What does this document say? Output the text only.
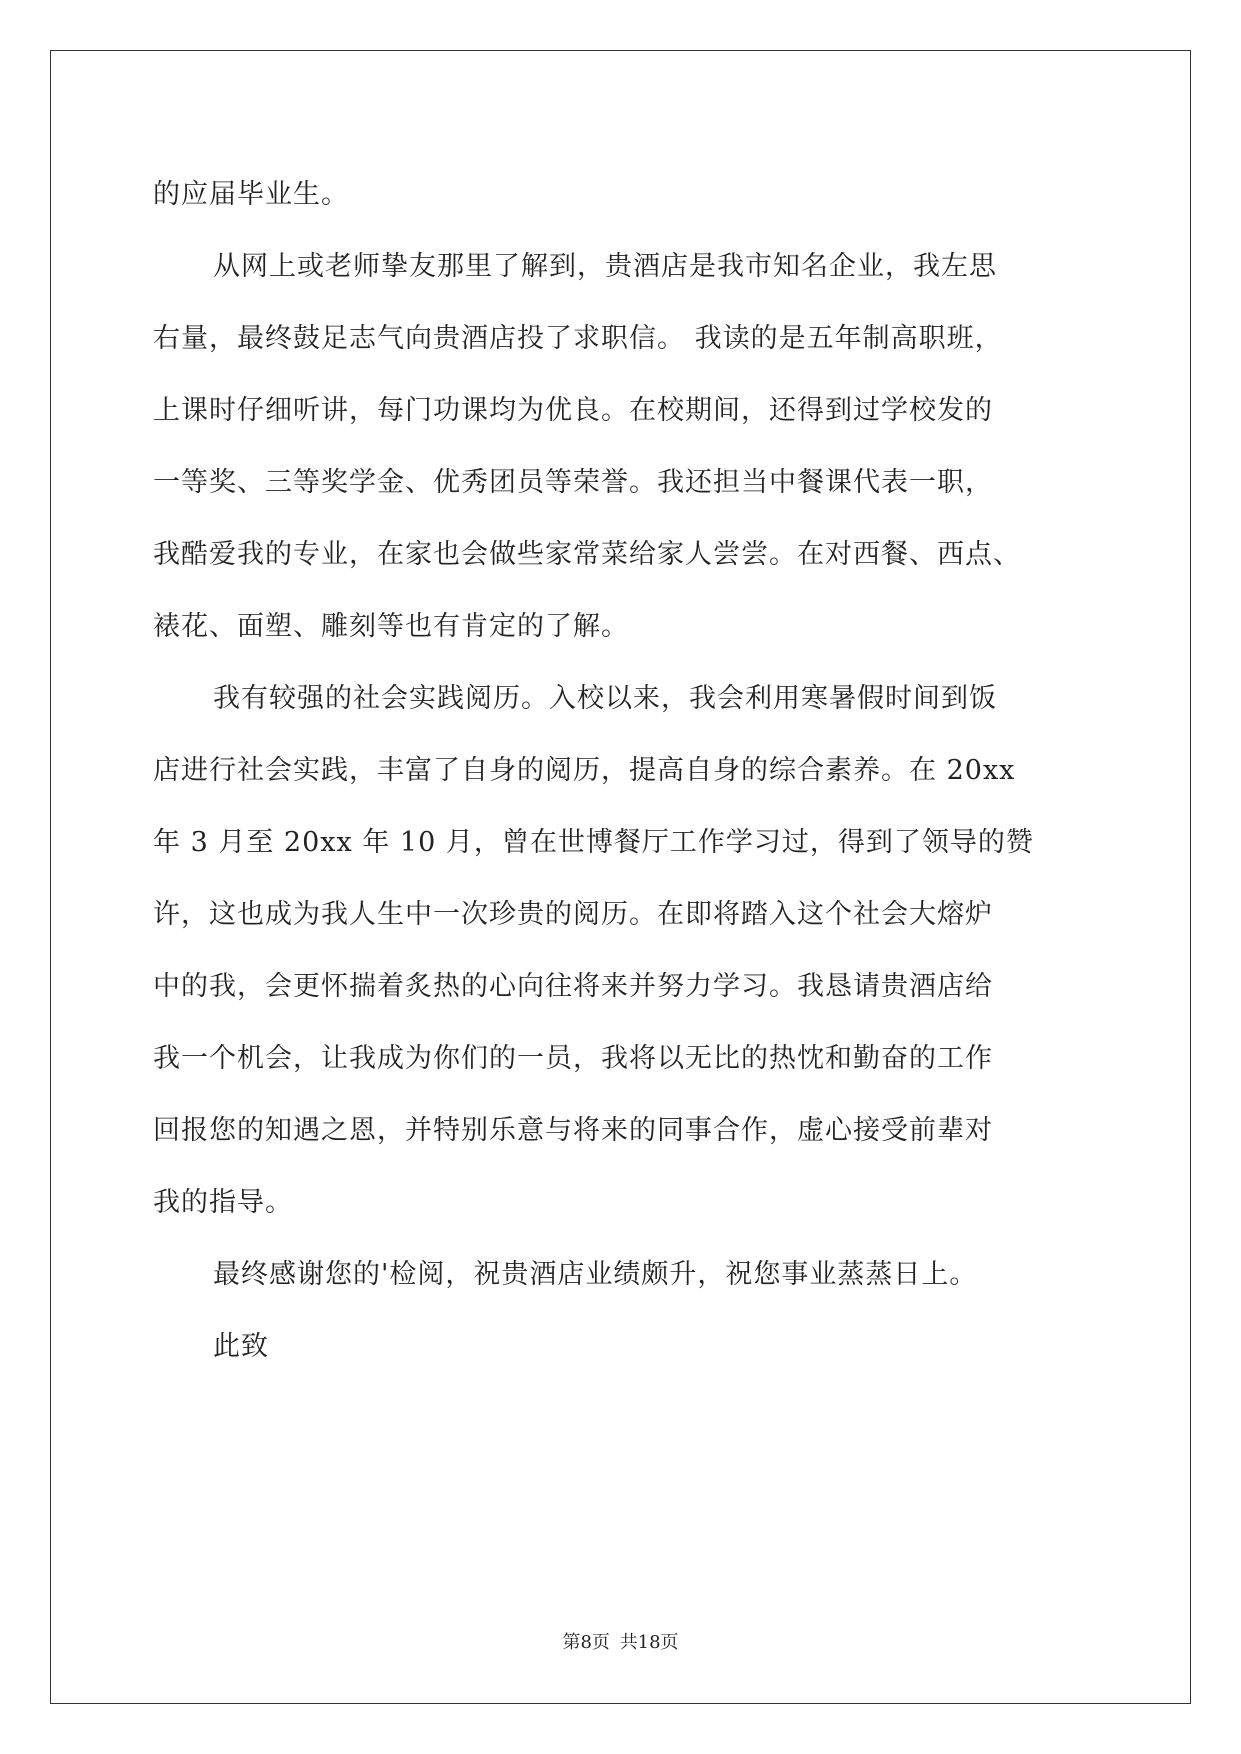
的应届毕业生。

从网上或老师挚友那里了解到，贵酒店是我市知名企业，我左思

右量，最终鼓足志气向贵酒店投了求职信。 我读的是五年制高职班，

上课时仔细听讲，每门功课均为优良。在校期间，还得到过学校发的

一等奖、三等奖学金、优秀团员等荣誉。我还担当中餐课代表一职，

我酷爱我的专业，在家也会做些家常菜给家人尝尝。在对西餐、西点、

裱花、面塑、雕刻等也有肯定的了解。

我有较强的社会实践阅历。入校以来，我会利用寒暑假时间到饭

店进行社会实践，丰富了自身的阅历，提高自身的综合素养。在 20xx

年 3 月至 20xx 年 10 月，曾在世博餐厅工作学习过，得到了领导的赞

许，这也成为我人生中一次珍贵的阅历。在即将踏入这个社会大熔炉

中的我，会更怀揣着炙热的心向往将来并努力学习。我恳请贵酒店给

我一个机会，让我成为你们的一员，我将以无比的热忱和勤奋的工作

回报您的知遇之恩，并特别乐意与将来的同事合作，虚心接受前辈对

我的指导。

最终感谢您的'检阅，祝贵酒店业绩颇升，祝您事业蒸蒸日上。

此致

第8页 共18页
